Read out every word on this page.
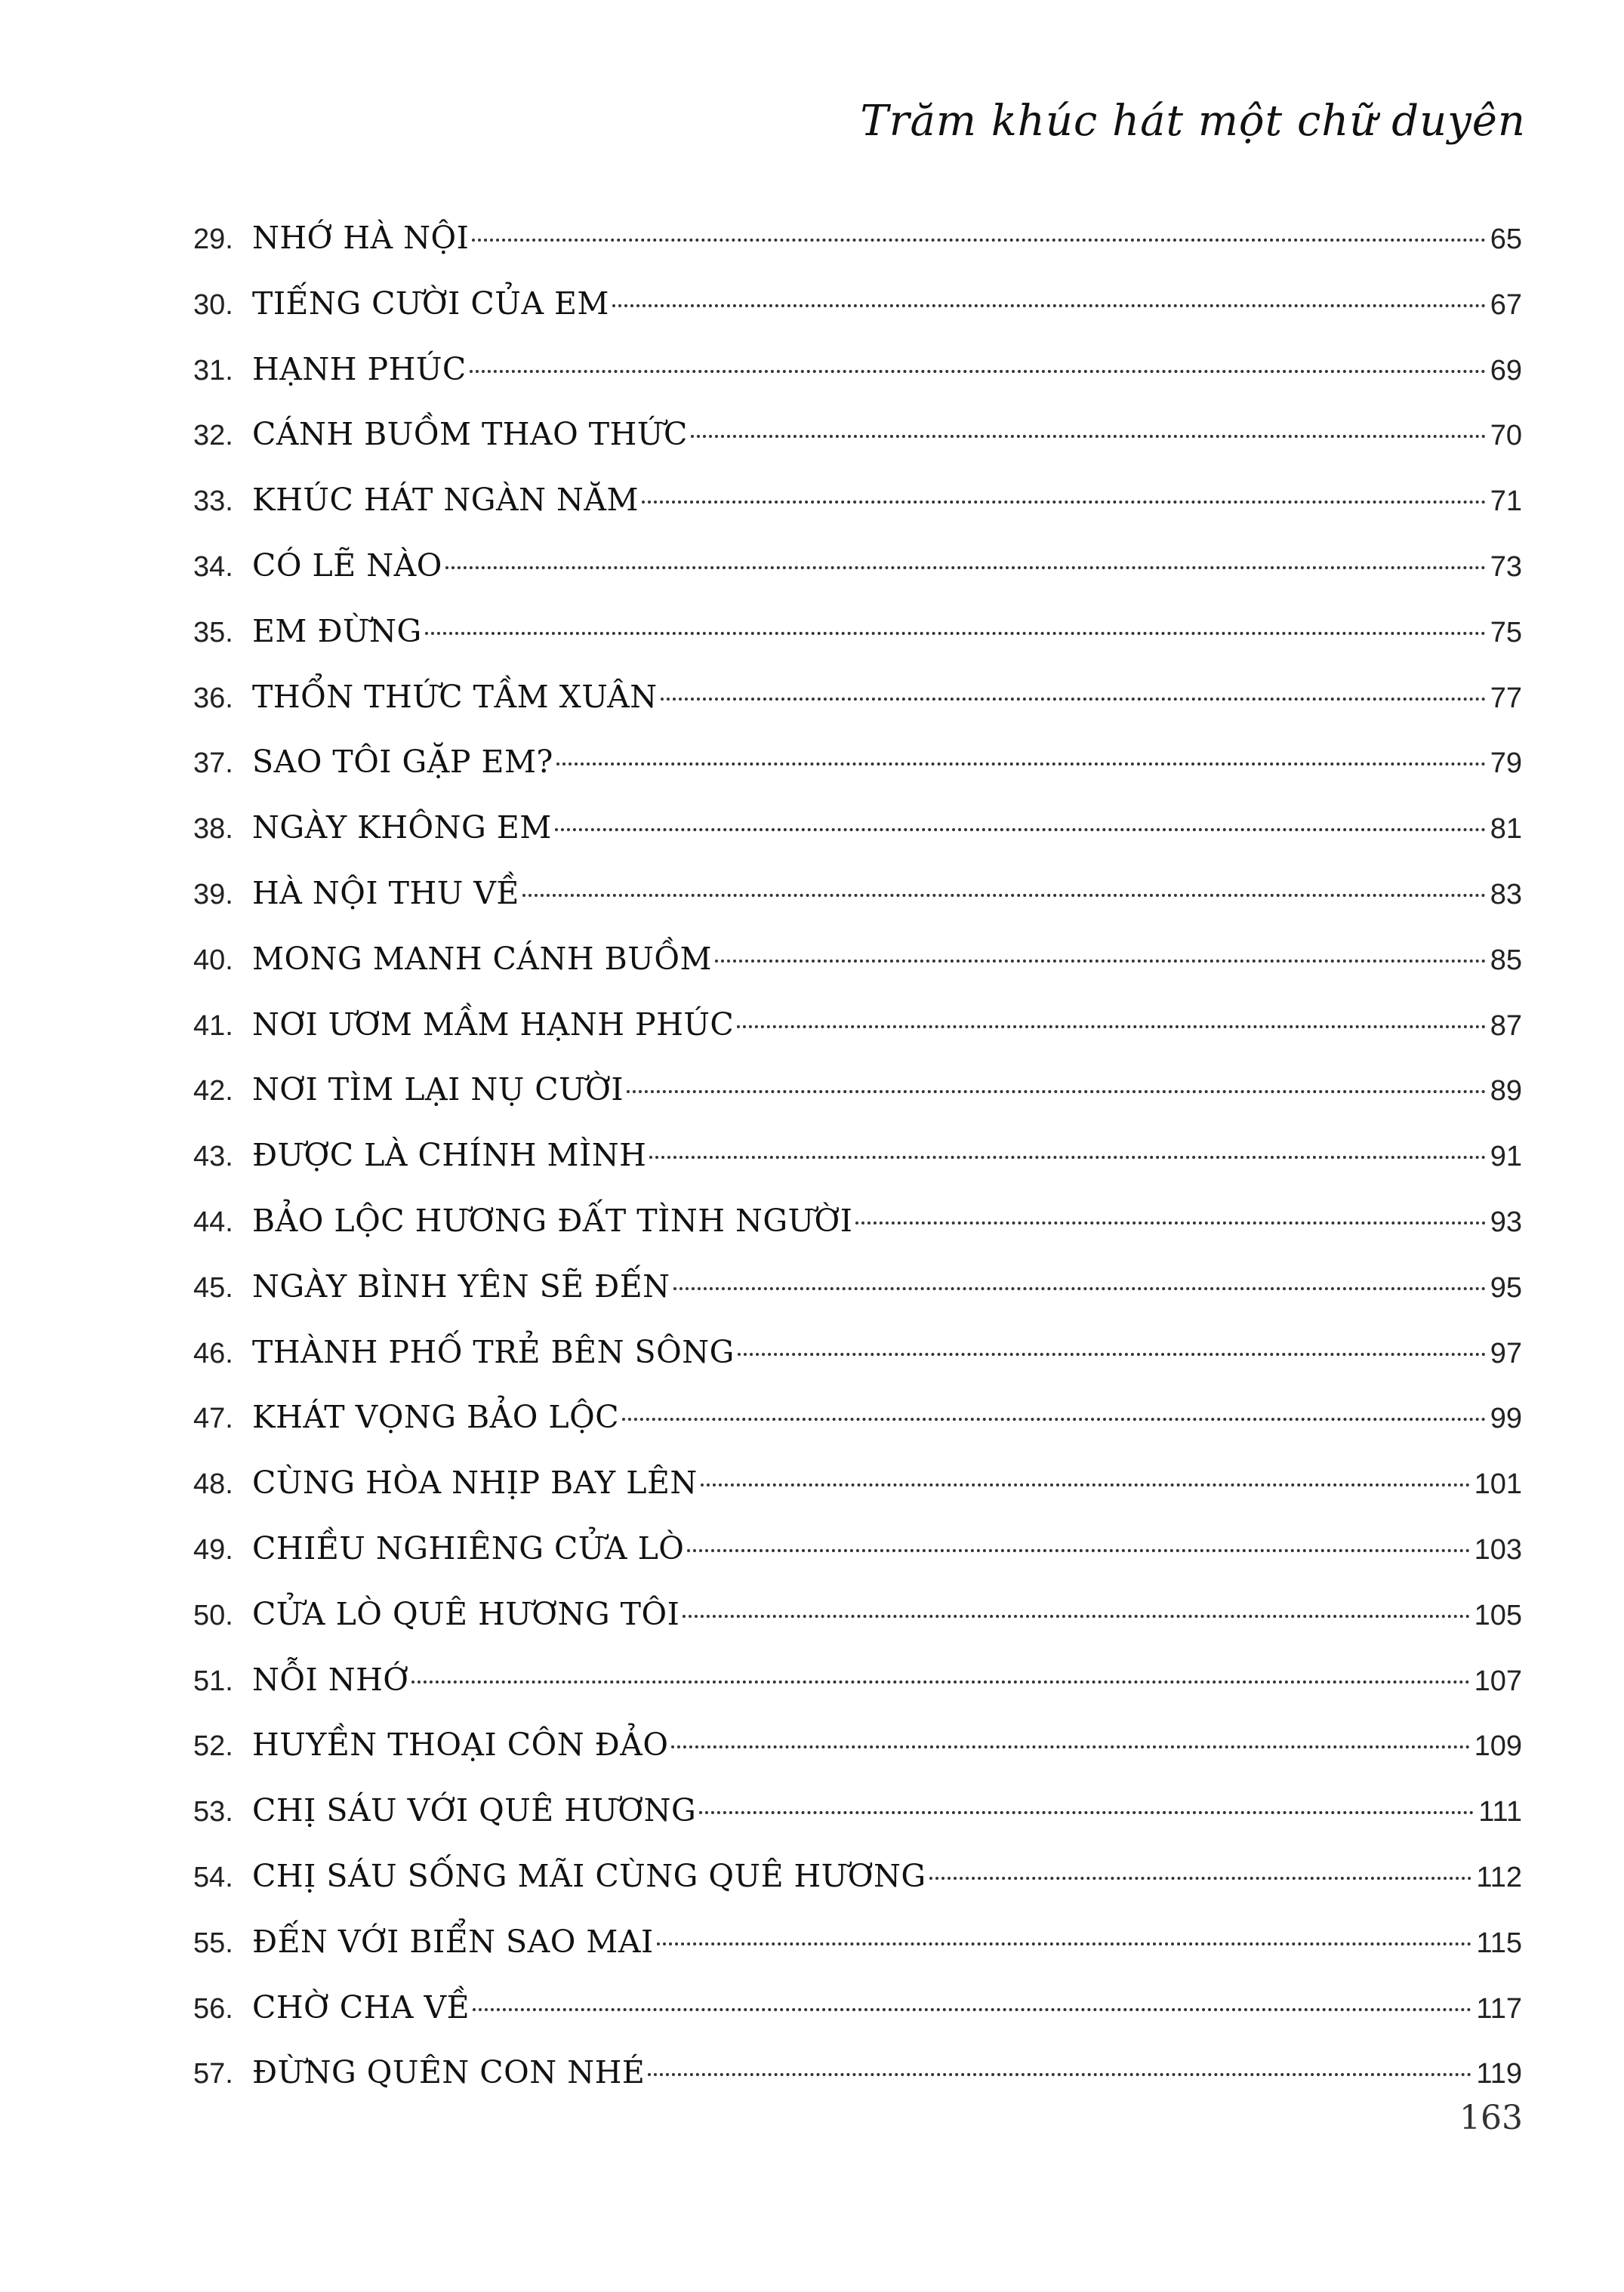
Trăm khúc hát một chữ duyên
29. NHỚ HÀ NỘI	65
30. TIẾNG CƯỜI CỦA EM	67
31. HẠNH PHÚC	69
32. CÁNH BUỒM THAO THỨC	70
33. KHÚC HÁT NGÀN NĂM	71
34. CÓ LẼ NÀO	73
35. EM ĐỪNG	75
36. THỔN THỨC TẦM XUÂN	77
37. SAO TÔI GẶP EM?	79
38. NGÀY KHÔNG EM	81
39. HÀ NỘI THU VỀ	83
40. MONG MANH CÁNH BUỒM	85
41. NƠI ƯƠM MẦM HẠNH PHÚC	87
42. NƠI TÌM LẠI NỤ CƯỜI	89
43. ĐƯỢC LÀ CHÍNH MÌNH	91
44. BẢO LỘC HƯƠNG ĐẤT TÌNH NGƯỜI	93
45. NGÀY BÌNH YÊN SẼ ĐẾN	95
46. THÀNH PHỐ TRẺ BÊN SÔNG	97
47. KHÁT VỌNG BẢO LỘC	99
48. CÙNG HÒA NHỊP BAY LÊN	101
49. CHIỀU NGHIÊNG CỬA LÒ	103
50. CỬA LÒ QUÊ HƯƠNG TÔI	105
51. NỖI NHỚ	107
52. HUYỀN THOẠI CÔN ĐẢO	109
53. CHỊ SÁU VỚI QUÊ HƯƠNG	111
54. CHỊ SÁU SỐNG MÃI CÙNG QUÊ HƯƠNG	112
55. ĐẾN VỚI BIỂN SAO MAI	115
56. CHỜ CHA VỀ	117
57. ĐỪNG QUÊN CON NHÉ	119
163
